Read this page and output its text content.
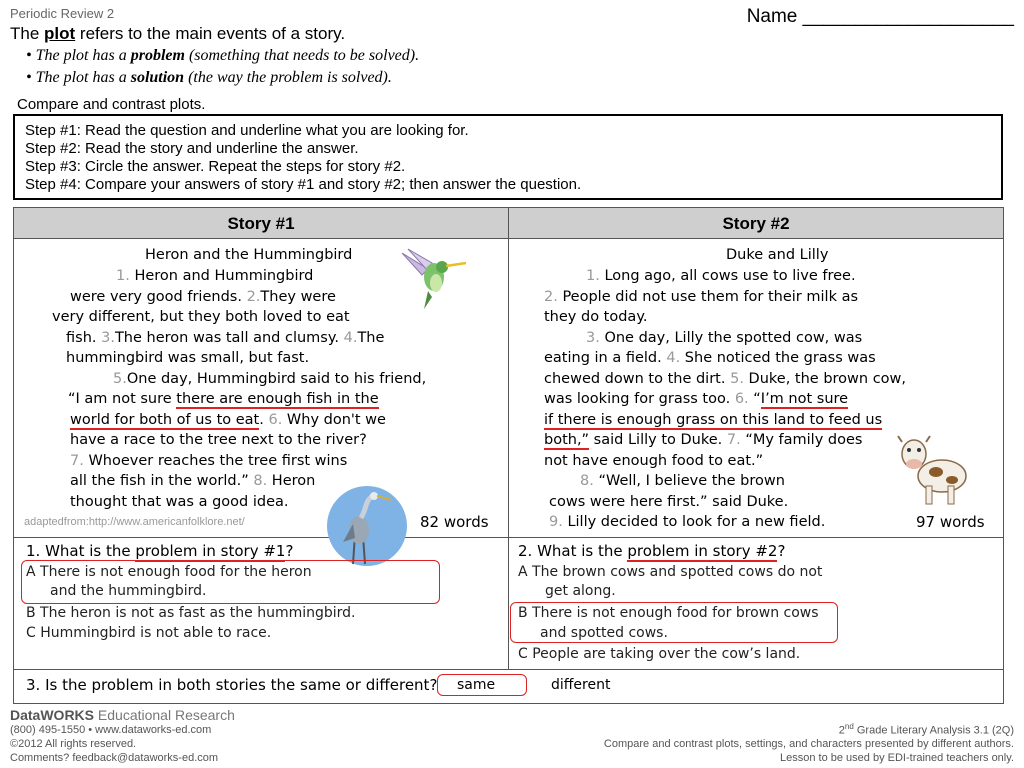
Periodic Review 2	Name ____________________
The plot refers to the main events of a story.
• The plot has a problem (something that needs to be solved).
• The plot has a solution (the way the problem is solved).
Compare and contrast plots.
Step #1: Read the question and underline what you are looking for.
Step #2: Read the story and underline the answer.
Step #3: Circle the answer. Repeat the steps for story #2.
Step #4: Compare your answers of story #1 and story #2; then answer the question.
Story #1	Story #2
Heron and the Hummingbird
1. Heron and Hummingbird
were very good friends. 2.They were
very different, but they both loved to eat
fish. 3.The heron was tall and clumsy. 4.The
hummingbird was small, but fast.
5.One day, Hummingbird said to his friend,
“I am not sure there are enough fish in the
world for both of us to eat. 6. Why don't we
have a race to the tree next to the river?
7. Whoever reaches the tree first wins
all the fish in the world.” 8. Heron
thought that was a good idea.
adaptedfrom:http://www.americanfolklore.net/	82 words
Duke and Lilly
1. Long ago, all cows use to live free.
2. People did not use them for their milk as
they do today.
3. One day, Lilly the spotted cow, was
eating in a field. 4. She noticed the grass was
chewed down to the dirt. 5. Duke, the brown cow,
was looking for grass too. 6. “I’m not sure
if there is enough grass on this land to feed us
both,” said Lilly to Duke. 7. “My family does
not have enough food to eat.”
8. “Well, I believe the brown
cows were here first.” said Duke.
9. Lilly decided to look for a new field.	97 words
1. What is the problem in story #1?
A There is not enough food for the heron
and the hummingbird.
B The heron is not as fast as the hummingbird.
C Hummingbird is not able to race.
2. What is the problem in story #2?
A The brown cows and spotted cows do not
get along.
B There is not enough food for brown cows
and spotted cows.
C People are taking over the cow’s land.
3. Is the problem in both stories the same or different? same	different
DataWORKS Educational Research
(800) 495-1550 • www.dataworks-ed.com
©2012 All rights reserved.
Comments? feedback@dataworks-ed.com
2nd Grade Literary Analysis 3.1 (2Q)
Compare and contrast plots, settings, and characters presented by different authors.
Lesson to be used by EDI-trained teachers only.
